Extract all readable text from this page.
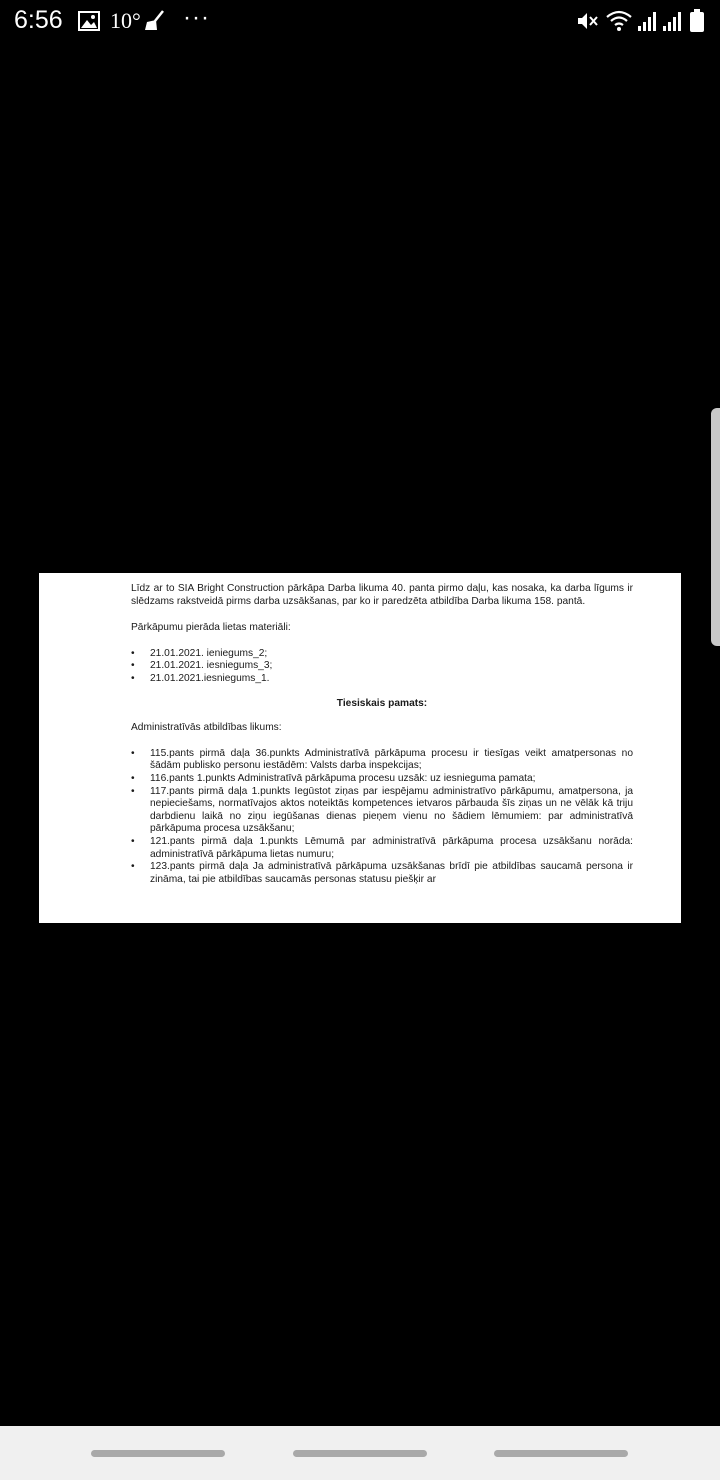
6:56 10° ···

Līdz ar to SIA Bright Construction pārkāpa Darba likuma 40. panta pirmo daļu, kas nosaka, ka darba līgums ir slēdzams rakstveidā pirms darba uzsākšanas, par ko ir paredzēta atbildība Darba likuma 158. pantā.

Pārkāpumu pierāda lietas materiāli:

• 21.01.2021. ieniegums_2;
• 21.01.2021. iesniegums_3;
• 21.01.2021.iesniegums_1.

Tiesiskais pamats:

Administratīvās atbildības likums:

• 115.pants pirmā daļa 36.punkts Administratīvā pārkāpuma procesu ir tiesīgas veikt amatpersonas no šādām publisko personu iestādēm: Valsts darba inspekcijas;
• 116.pants 1.punkts Administratīvā pārkāpuma procesu uzsāk: uz iesnieguma pamata;
• 117.pants pirmā daļa 1.punkts Iegūstot ziņas par iespējamu administratīvo pārkāpumu, amatpersona, ja nepieciešams, normatīvajos aktos noteiktās kompetences ietvaros pārbauda šīs ziņas un ne vēlāk kā triju darbdienu laikā no ziņu iegūšanas dienas pieņem vienu no šādiem lēmumiem: par administratīvā pārkāpuma procesa uzsākšanu;
• 121.pants pirmā daļa 1.punkts Lēmumā par administratīvā pārkāpuma procesa uzsākšanu norāda: administratīvā pārkāpuma lietas numuru;
• 123.pants pirmā daļa Ja administratīvā pārkāpuma uzsākšanas brīdī pie atbildības saucamā persona ir zināma, tai pie atbildības saucamās personas statusu piešķir ar
